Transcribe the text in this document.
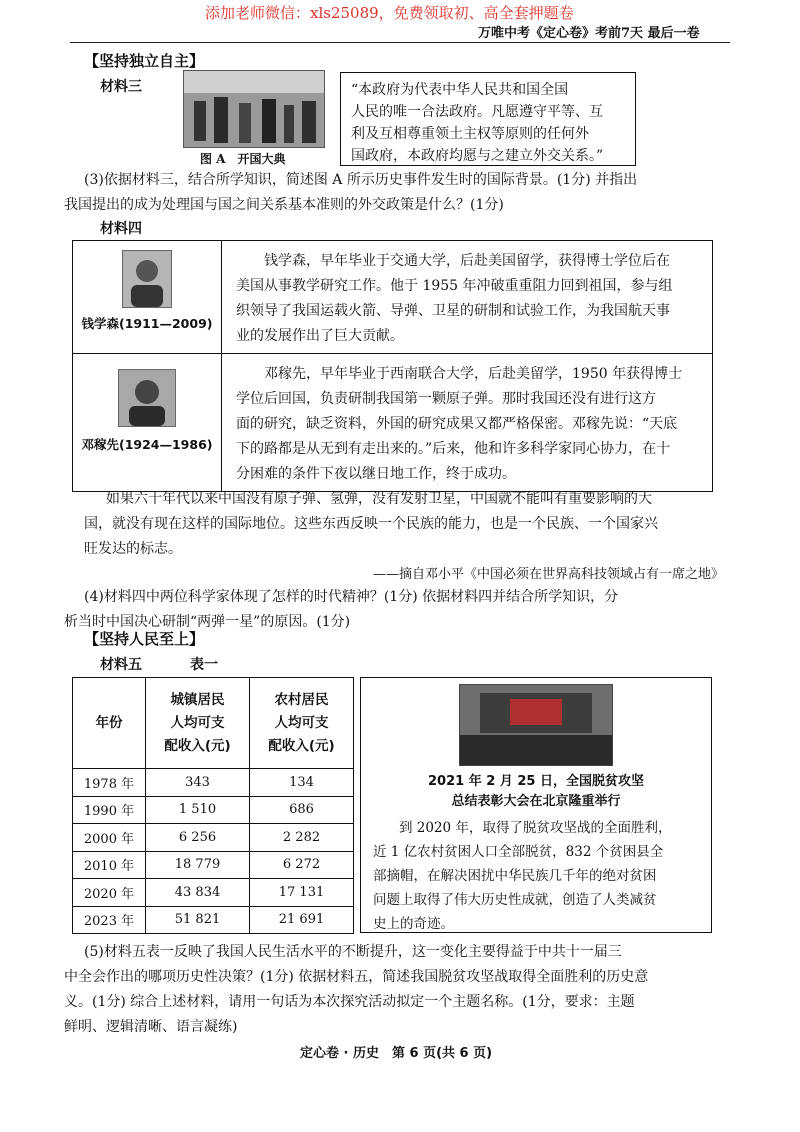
添加老师微信：xls25089，免费领取初、高全套押题卷
万唯中考《定心卷》考前7天 最后一卷
【坚持独立自主】
材料三
图 A　开国大典
“本政府为代表中华人民共和国全国
人民的唯一合法政府。凡愿遵守平等、互
利及互相尊重领土主权等原则的任何外
国政府，本政府均愿与之建立外交关系。”
(3)依据材料三，结合所学知识，简述图 A 所示历史事件发生时的国际背景。(1分) 并指出
我国提出的成为处理国与国之间关系基本准则的外交政策是什么？(1分)
材料四
钱学森(1911—2009)	钱学森，早年毕业于交通大学，后赴美国留学，获得博士学位后在
美国从事教学研究工作。他于 1955 年冲破重重阻力回到祖国，参与组
织领导了我国运载火箭、导弹、卫星的研制和试验工作，为我国航天事
业的发展作出了巨大贡献。

邓稼先(1924—1986)	邓稼先，早年毕业于西南联合大学，后赴美留学，1950 年获得博士
学位后回国，负责研制我国第一颗原子弹。那时我国还没有进行这方
面的研究，缺乏资料，外国的研究成果又都严格保密。邓稼先说：“天底
下的路都是从无到有走出来的。”后来，他和许多科学家同心协力，在十
分困难的条件下夜以继日地工作，终于成功。
如果六十年代以来中国没有原子弹、氢弹，没有发射卫星，中国就不能叫有重要影响的大
国，就没有现在这样的国际地位。这些东西反映一个民族的能力，也是一个民族、一个国家兴
旺发达的标志。
——摘自邓小平《中国必须在世界高科技领域占有一席之地》
(4)材料四中两位科学家体现了怎样的时代精神？(1分) 依据材料四并结合所学知识，分
析当时中国决心研制“两弹一星”的原因。(1分)
【坚持人民至上】
材料五	表一
年份	城镇居民
人均可支
配收入(元)	农村居民
人均可支
配收入(元)
1978 年	343	134
1990 年	1 510	686
2000 年	6 256	2 282
2010 年	18 779	6 272
2020 年	43 834	17 131
2023 年	51 821	21 691
2021 年 2 月 25 日，全国脱贫攻坚
总结表彰大会在北京隆重举行
到 2020 年，取得了脱贫攻坚战的全面胜利，
近 1 亿农村贫困人口全部脱贫，832 个贫困县全
部摘帽，在解决困扰中华民族几千年的绝对贫困
问题上取得了伟大历史性成就，创造了人类减贫
史上的奇迹。
(5)材料五表一反映了我国人民生活水平的不断提升，这一变化主要得益于中共十一届三
中全会作出的哪项历史性决策？(1分) 依据材料五，简述我国脱贫攻坚战取得全面胜利的历史意
义。(1分) 综合上述材料，请用一句话为本次探究活动拟定一个主题名称。(1分，要求：主题
鲜明、逻辑清晰、语言凝练)
定心卷 · 历史　第 6 页(共 6 页)
